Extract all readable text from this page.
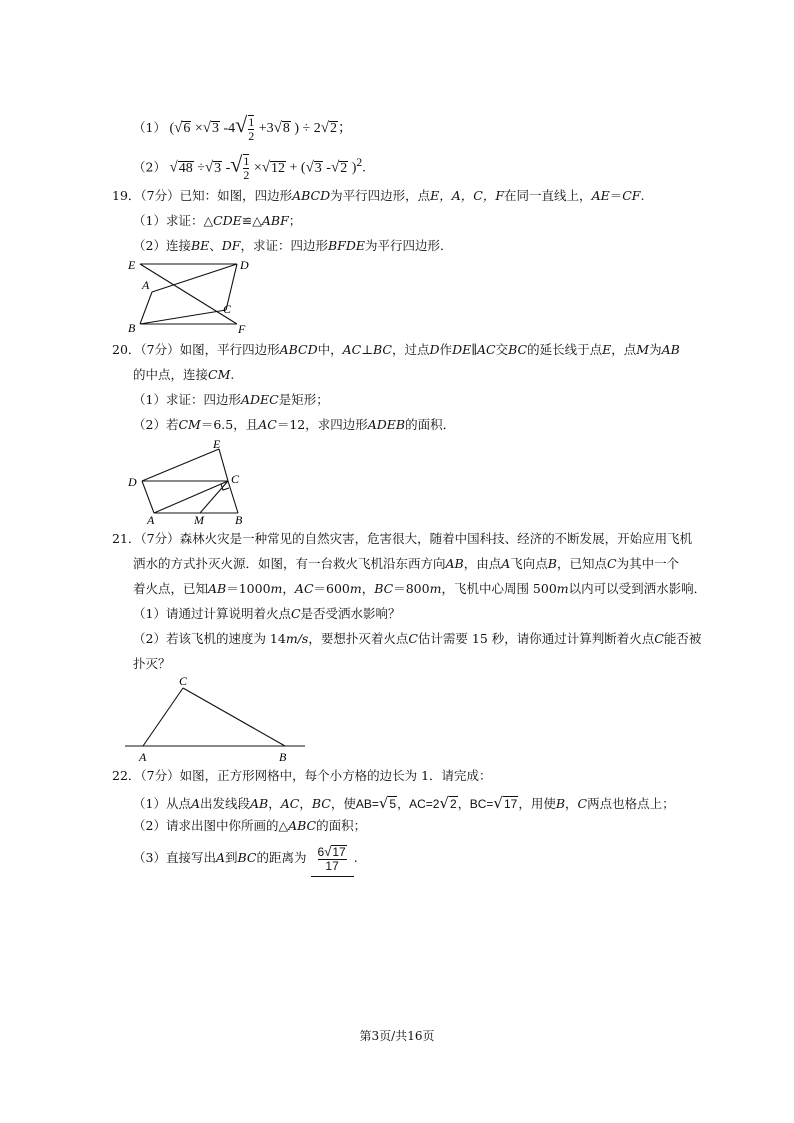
（1） (√6 ×√3 $-4√ \frac{1}{2} +3√8$ ) ÷ 2√2；
（2） √48 ÷√3 -√ $\frac{1}{2} \times√12 + (√3$ -√2 )$^2$.
19．（7分）已知：如图，四边形ABCD为平行四边形，点E，A，C，F在同一直线上，AE＝CF.
（1）求证：△CDE≌△ABF；
（2）连接BE、DF，求证：四边形BFDE为平行四边形．
E	D
A
C
B	F
20．（7分）如图，平行四边形ABCD中，AC⊥BC，过点D作DE∥AC交BC的延长线于点E，点M为AB
的中点，连接CM.
（1）求证：四边形ADEC是矩形；
（2）若CM＝6.5，且AC＝12，求四边形ADEB的面积．
E
D	C
A	M	B
21．（7分）森林火灾是一种常见的自然灾害，危害很大，随着中国科技、经济的不断发展，开始应用飞机
洒水的方式扑灭火源．如图，有一台救火飞机沿东西方向AB，由点A飞向点B，已知点C为其中一个
着火点，已知AB＝1000m，AC＝600m，BC＝800m，飞机中心周围 500m以内可以受到洒水影响．
（1）请通过计算说明着火点C是否受洒水影响？
（2）若该飞机的速度为 14m/s，要想扑灭着火点C估计需要 15 秒，请你通过计算判断着火点C能否被
扑灭？
C
A	B
22．（7分）如图，正方形网格中，每个小方格的边长为 1．请完成：
（1）从点A出发线段AB，AC，BC，使AB=√5，AC=2√2，BC=√17，用使B，C两点也格点上；
（2）请求出图中你所画的△ABC的面积；
（3）直接写出A到BC的距离为 $\frac{6√17}{17}$ .
第3页/共16页
